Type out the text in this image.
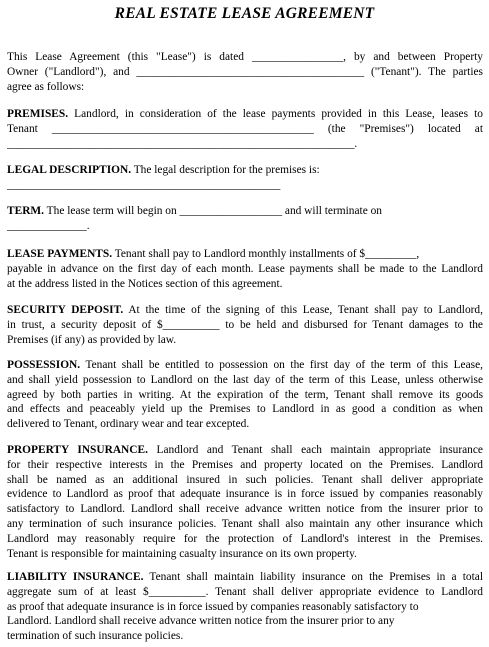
REAL ESTATE LEASE AGREEMENT
This Lease Agreement (this "Lease") is dated ________________, by and between Property
Owner ("Landlord"), and ________________________________________ ("Tenant"). The parties
agree as follows:
PREMISES. Landlord, in consideration of the lease payments provided in this Lease, leases to
Tenant ______________________________________________ (the "Premises") located at
_____________________________________________________________.
LEGAL DESCRIPTION. The legal description for the premises is:
________________________________________________
TERM. The lease term will begin on __________________ and will terminate on
______________.
LEASE PAYMENTS. Tenant shall pay to Landlord monthly installments of $_________,
payable in advance on the first day of each month. Lease payments shall be made to the Landlord
at the address listed in the Notices section of this agreement.
SECURITY DEPOSIT. At the time of the signing of this Lease, Tenant shall pay to Landlord,
in trust, a security deposit of $__________ to be held and disbursed for Tenant damages to the
Premises (if any) as provided by law.
POSSESSION. Tenant shall be entitled to possession on the first day of the term of this Lease,
and shall yield possession to Landlord on the last day of the term of this Lease, unless otherwise
agreed by both parties in writing. At the expiration of the term, Tenant shall remove its goods
and effects and peaceably yield up the Premises to Landlord in as good a condition as when
delivered to Tenant, ordinary wear and tear excepted.
PROPERTY INSURANCE. Landlord and Tenant shall each maintain appropriate insurance
for their respective interests in the Premises and property located on the Premises. Landlord
shall be named as an additional insured in such policies. Tenant shall deliver appropriate
evidence to Landlord as proof that adequate insurance is in force issued by companies reasonably
satisfactory to Landlord. Landlord shall receive advance written notice from the insurer prior to
any termination of such insurance policies. Tenant shall also maintain any other insurance which
Landlord may reasonably require for the protection of Landlord's interest in the Premises.
Tenant is responsible for maintaining casualty insurance on its own property.
LIABILITY INSURANCE. Tenant shall maintain liability insurance on the Premises in a total
aggregate sum of at least $__________. Tenant shall deliver appropriate evidence to Landlord
as proof that adequate insurance is in force issued by companies reasonably satisfactory to
Landlord. Landlord shall receive advance written notice from the insurer prior to any
termination of such insurance policies.
